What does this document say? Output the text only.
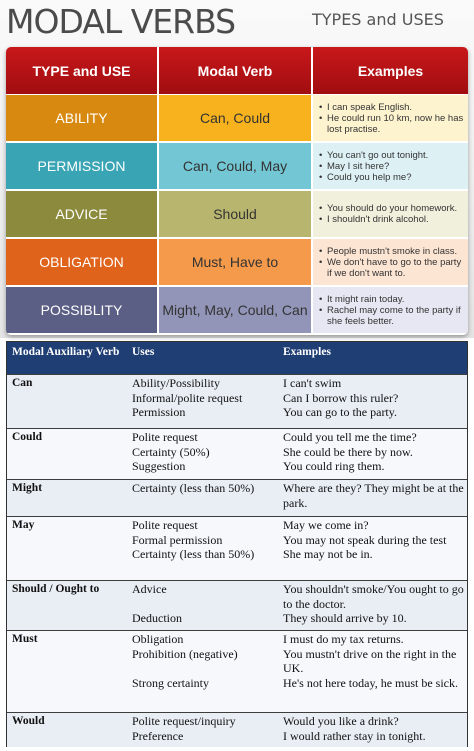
MODAL VERBS	TYPES and USES
TYPE and USE	Modal Verb	Examples
ABILITY	Can, Could
• I can speak English.
• He could run 10 km, now he has lost practise.
PERMISSION	Can, Could, May
• You can't go out tonight.
• May I sit here?
• Could you help me?
ADVICE	Should
•	You should do your homework.
• I shouldn't drink alcohol.
OBLIGATION	Must, Have to
• People mustn't smoke in class.
• We don't have to go to the party if we don't want to.
POSSIBLITY	Might, May, Could, Can
• It might rain today.
• Rachel may come to the party if she feels better.
Modal Auxiliary Verb	Uses	Examples
Can	Ability/Possibility
Informal/polite request
Permission
I can't swim
Can I borrow this ruler?
You can go to the party.
Could	Polite request
Certainty (50%)
Suggestion
Could you tell me the time?
She could be there by now.
You could ring them.
Might	Certainty (less than 50%)	Where are they? They might be at the park.
May	Polite request
Formal permission
Certainty (less than 50%)
May we come in?
You may not speak during the test
She may not be in.
Should / Ought to	Advice
Deduction
You shouldn't smoke/You ought to go to the doctor.
They should arrive by 10.
Must	Obligation
Prohibition (negative)
Strong certainty
I must do my tax returns.
You mustn't drive on the right in the UK.
He's not here today, he must be sick.
Would	Polite request/inquiry
Preference
Would you like a drink?
I would rather stay in tonight.
